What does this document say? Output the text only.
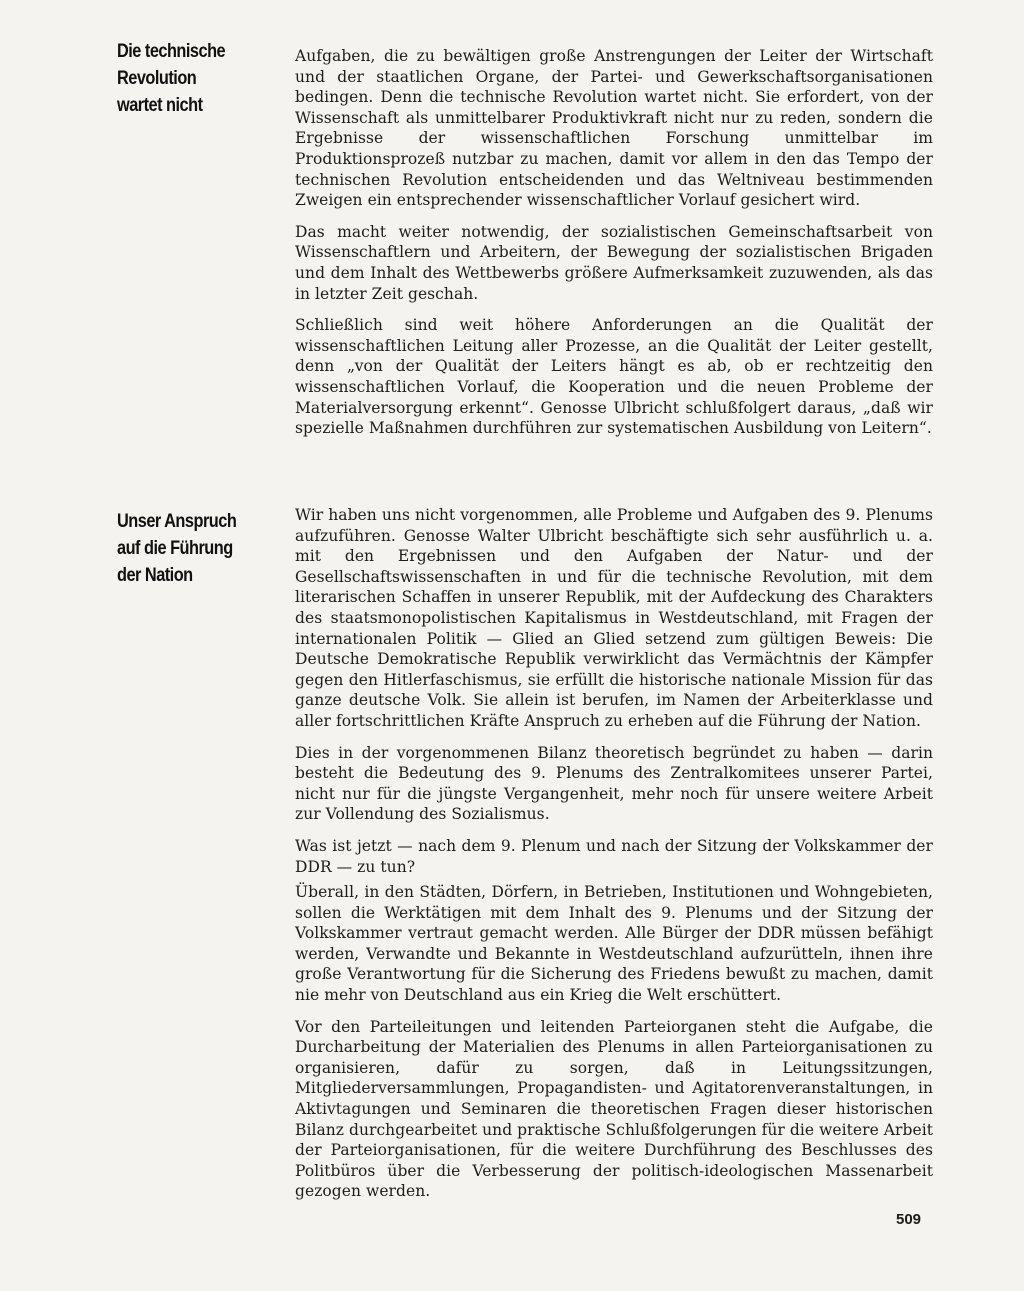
Die technische
Revolution
wartet nicht

Aufgaben, die zu bewältigen große Anstrengungen der Leiter der Wirtschaft und der staatlichen Organe, der Partei- und Gewerkschaftsorganisationen bedingen. Denn die technische Revolution wartet nicht. Sie erfordert, von der Wissenschaft als unmittelbarer Produktivkraft nicht nur zu reden, sondern die Ergebnisse der wissenschaftlichen Forschung unmittelbar im Produktionsprozeß nutzbar zu machen, damit vor allem in den das Tempo der technischen Revolution entscheidenden und das Weltniveau bestimmenden Zweigen ein entsprechender wissenschaftlicher Vorlauf gesichert wird.

Das macht weiter notwendig, der sozialistischen Gemeinschaftsarbeit von Wissenschaftlern und Arbeitern, der Bewegung der sozialistischen Brigaden und dem Inhalt des Wettbewerbs größere Aufmerksamkeit zuzuwenden, als das in letzter Zeit geschah.

Schließlich sind weit höhere Anforderungen an die Qualität der wissenschaftlichen Leitung aller Prozesse, an die Qualität der Leiter gestellt, denn „von der Qualität der Leiters hängt es ab, ob er rechtzeitig den wissenschaftlichen Vorlauf, die Kooperation und die neuen Probleme der Materialversorgung erkennt“. Genosse Ulbricht schlußfolgert daraus, „daß wir spezielle Maßnahmen durchführen zur systematischen Ausbildung von Leitern“.

Unser Anspruch
auf die Führung
der Nation

Wir haben uns nicht vorgenommen, alle Probleme und Aufgaben des 9. Plenums aufzuführen. Genosse Walter Ulbricht beschäftigte sich sehr ausführlich u. a. mit den Ergebnissen und den Aufgaben der Natur- und der Gesellschaftswissenschaften in und für die technische Revolution, mit dem literarischen Schaffen in unserer Republik, mit der Aufdeckung des Charakters des staatsmonopolistischen Kapitalismus in Westdeutschland, mit Fragen der internationalen Politik — Glied an Glied setzend zum gültigen Beweis: Die Deutsche Demokratische Republik verwirklicht das Vermächtnis der Kämpfer gegen den Hitlerfaschismus, sie erfüllt die historische nationale Mission für das ganze deutsche Volk. Sie allein ist berufen, im Namen der Arbeiterklasse und aller fortschrittlichen Kräfte Anspruch zu erheben auf die Führung der Nation.

Dies in der vorgenommenen Bilanz theoretisch begründet zu haben — darin besteht die Bedeutung des 9. Plenums des Zentralkomitees unserer Partei, nicht nur für die jüngste Vergangenheit, mehr noch für unsere weitere Arbeit zur Vollendung des Sozialismus.

Was ist jetzt — nach dem 9. Plenum und nach der Sitzung der Volkskammer der DDR — zu tun?

Überall, in den Städten, Dörfern, in Betrieben, Institutionen und Wohngebieten, sollen die Werktätigen mit dem Inhalt des 9. Plenums und der Sitzung der Volkskammer vertraut gemacht werden. Alle Bürger der DDR müssen befähigt werden, Verwandte und Bekannte in Westdeutschland aufzurütteln, ihnen ihre große Verantwortung für die Sicherung des Friedens bewußt zu machen, damit nie mehr von Deutschland aus ein Krieg die Welt erschüttert.

Vor den Parteileitungen und leitenden Parteiorganen steht die Aufgabe, die Durcharbeitung der Materialien des Plenums in allen Parteiorganisationen zu organisieren, dafür zu sorgen, daß in Leitungssitzungen, Mitgliederversammlungen, Propagandisten- und Agitatorenveranstaltungen, in Aktivtagungen und Seminaren die theoretischen Fragen dieser historischen Bilanz durchgearbeitet und praktische Schlußfolgerungen für die weitere Arbeit der Parteiorganisationen, für die weitere Durchführung des Beschlusses des Politbüros über die Verbesserung der politisch-ideologischen Massenarbeit gezogen werden.

509
